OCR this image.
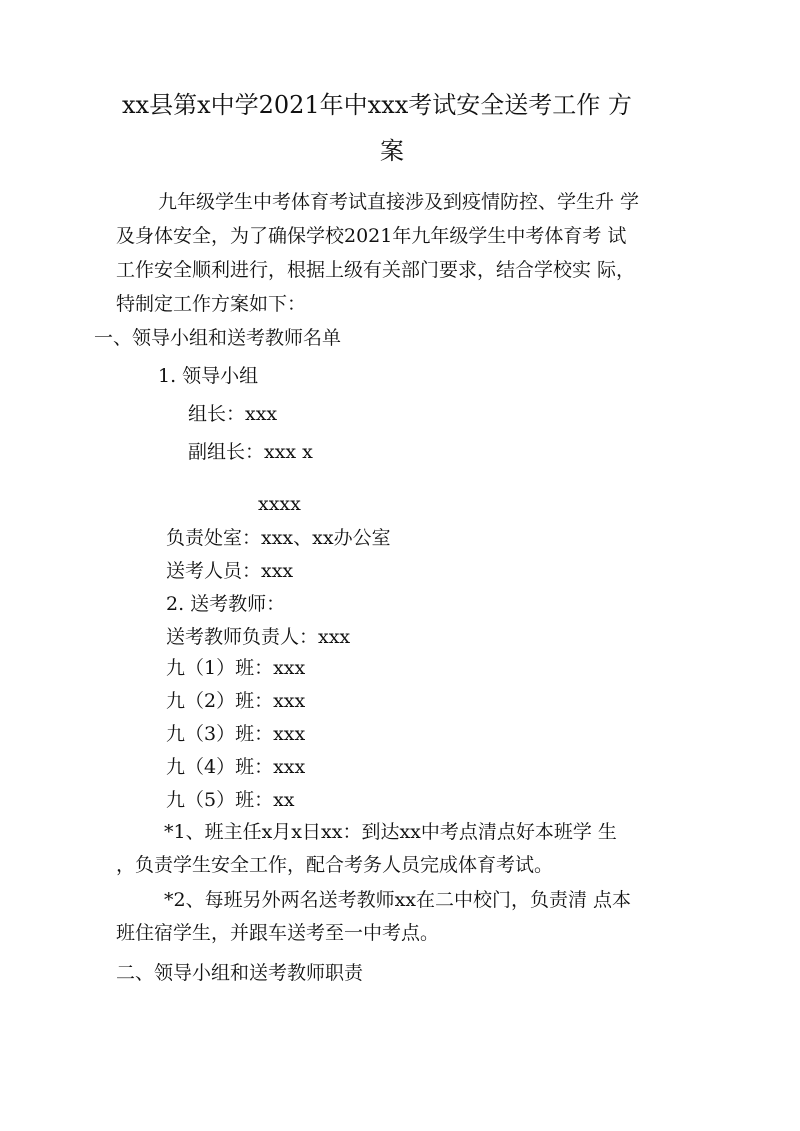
xx县第x中学2021年中xxx考试安全送考工作 方
案
九年级学生中考体育考试直接涉及到疫情防控、学生升 学
及身体安全，为了确保学校2021年九年级学生中考体育考 试
工作安全顺利进行，根据上级有关部门要求，结合学校实 际，
特制定工作方案如下：
一、领导小组和送考教师名单
1. 领导小组
组长：xxx
副组长：xxx x
xxxx
负责处室：xxx、xx办公室
送考人员：xxx
2. 送考教师：
送考教师负责人：xxx
九（1）班：xxx
九（2）班：xxx
九（3）班：xxx
九（4）班：xxx
九（5）班：xx
*1、班主任x月x日xx：到达xx中考点清点好本班学 生
，负责学生安全工作，配合考务人员完成体育考试。
*2、每班另外两名送考教师xx在二中校门，负责清 点本
班住宿学生，并跟车送考至一中考点。
二、领导小组和送考教师职责
